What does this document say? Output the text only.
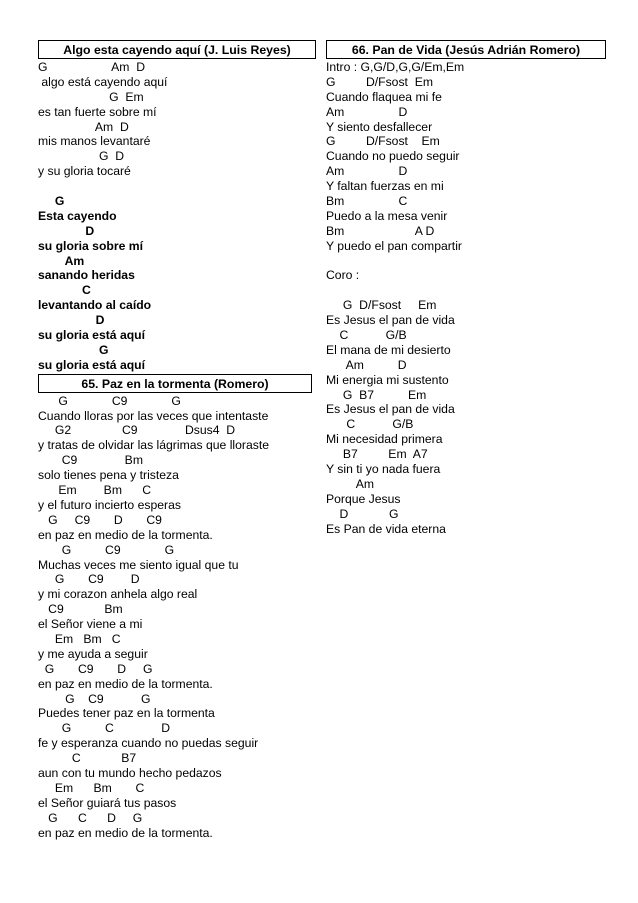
Algo esta cayendo aquí (J. Luis Reyes)
G                   Am  D
algo está cayendo aquí
G  Em
es tan fuerte sobre mí
Am  D
mis manos levantaré
G  D
y su gloria tocaré
G
Esta cayendo
D
su gloria sobre mí
Am
sanando heridas
C
levantando al caído
D
su gloria está aquí
G
su gloria está aquí
65. Paz en la tormenta (Romero)
G             C9             G
Cuando lloras por las veces que intentaste
G2               C9              Dsus4  D
y tratas de olvidar las lágrimas que lloraste
C9              Bm
solo tienes pena y tristeza
Em        Bm      C
y el futuro incierto esperas
G     C9       D       C9
en paz en medio de la tormenta.
G          C9             G
Muchas veces me siento igual que tu
G       C9        D
y mi corazon anhela algo real
C9            Bm
el Señor viene a mi
Em   Bm   C
y me ayuda a seguir
G       C9       D     G
en paz en medio de la tormenta.
G    C9           G
Puedes tener paz en la tormenta
G          C              D
fe y esperanza cuando no puedas seguir
C            B7
aun con tu mundo hecho pedazos
Em      Bm       C
el Señor guiará tus pasos
G      C      D     G
en paz en medio de la tormenta.
66. Pan de Vida (Jesús Adrián Romero)
Intro : G,G/D,G,G/Em,Em
G         D/Fsost  Em
Cuando flaquea mi fe
Am                D
Y siento desfallecer
G         D/Fsost    Em
Cuando no puedo seguir
Am                D
Y faltan fuerzas en mi
Bm                C
Puedo a la mesa venir
Bm                     A D
Y puedo el pan compartir
Coro :
G  D/Fsost     Em
Es Jesus el pan de vida
C           G/B
El mana de mi desierto
Am          D
Mi energia mi sustento
G  B7          Em
Es Jesus el pan de vida
C           G/B
Mi necesidad primera
B7         Em  A7
Y sin ti yo nada fuera
Am
Porque Jesus
D            G
Es Pan de vida eterna
